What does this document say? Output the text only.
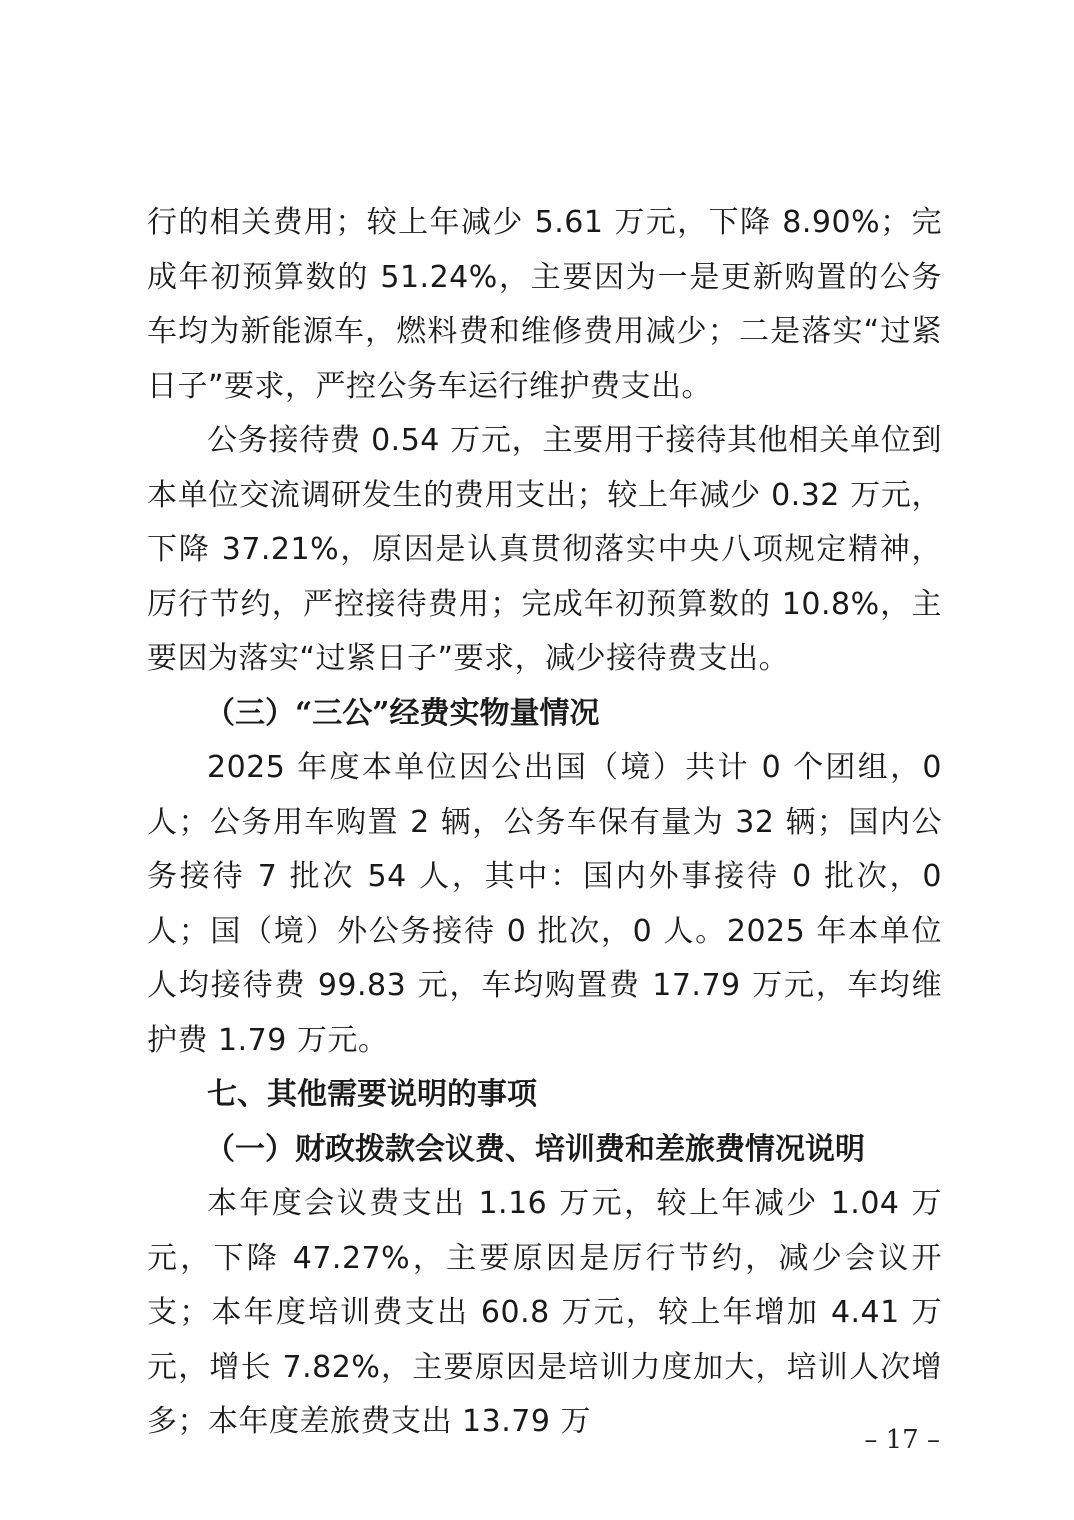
行的相关费用；较上年减少 5.61 万元，下降 8.90%；完成年初预算数的 51.24%，主要因为一是更新购置的公务车均为新能源车，燃料费和维修费用减少；二是落实“过紧日子”要求，严控公务车运行维护费支出。

公务接待费 0.54 万元，主要用于接待其他相关单位到本单位交流调研发生的费用支出；较上年减少 0.32 万元，下降 37.21%，原因是认真贯彻落实中央八项规定精神，厉行节约，严控接待费用；完成年初预算数的 10.8%，主要因为落实“过紧日子”要求，减少接待费支出。

（三）“三公”经费实物量情况

2025 年度本单位因公出国（境）共计 0 个团组，0 人；公务用车购置 2 辆，公务车保有量为 32 辆；国内公务接待 7 批次 54 人，其中：国内外事接待 0 批次，0 人；国（境）外公务接待 0 批次，0 人。2025 年本单位人均接待费 99.83 元，车均购置费 17.79 万元，车均维护费 1.79 万元。

七、其他需要说明的事项

（一）财政拨款会议费、培训费和差旅费情况说明

本年度会议费支出 1.16 万元，较上年减少 1.04 万元，下降 47.27%，主要原因是厉行节约，减少会议开支；本年度培训费支出 60.8 万元，较上年增加 4.41 万元，增长 7.82%，主要原因是培训力度加大，培训人次增多；本年度差旅费支出 13.79 万

– 17 –
